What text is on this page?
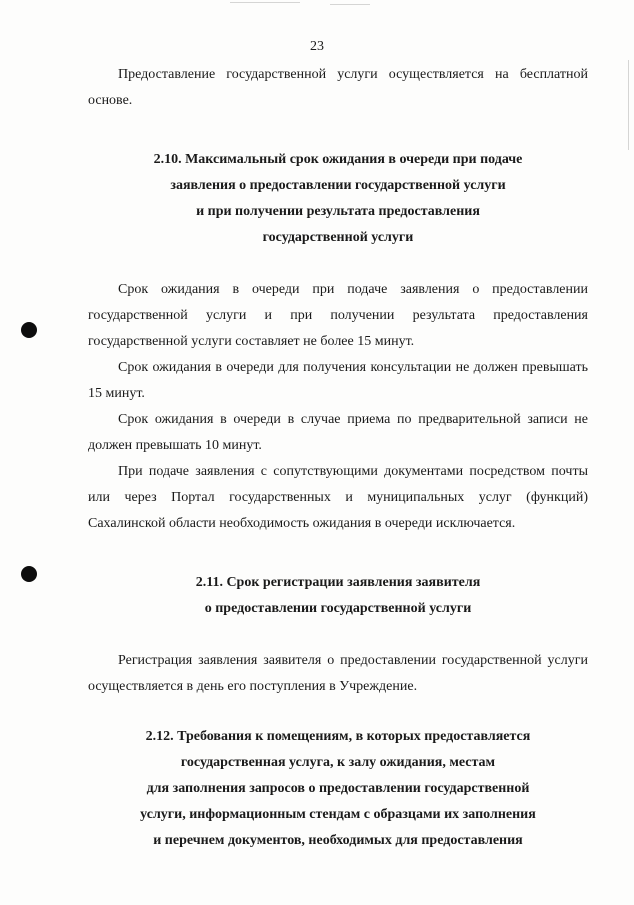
23

Предоставление государственной услуги осуществляется на бесплатной основе.

2.10. Максимальный срок ожидания в очереди при подаче
заявления о предоставлении государственной услуги
и при получении результата предоставления
государственной услуги

Срок ожидания в очереди при подаче заявления о предоставлении государственной услуги и при получении результата предоставления государственной услуги составляет не более 15 минут.

Срок ожидания в очереди для получения консультации не должен превышать 15 минут.

Срок ожидания в очереди в случае приема по предварительной записи не должен превышать 10 минут.

При подаче заявления с сопутствующими документами посредством почты или через Портал государственных и муниципальных услуг (функций) Сахалинской области необходимость ожидания в очереди исключается.

2.11. Срок регистрации заявления заявителя
о предоставлении государственной услуги

Регистрация заявления заявителя о предоставлении государственной услуги осуществляется в день его поступления в Учреждение.

2.12. Требования к помещениям, в которых предоставляется
государственная услуга, к залу ожидания, местам
для заполнения запросов о предоставлении государственной
услуги, информационным стендам с образцами их заполнения
и перечнем документов, необходимых для предоставления
